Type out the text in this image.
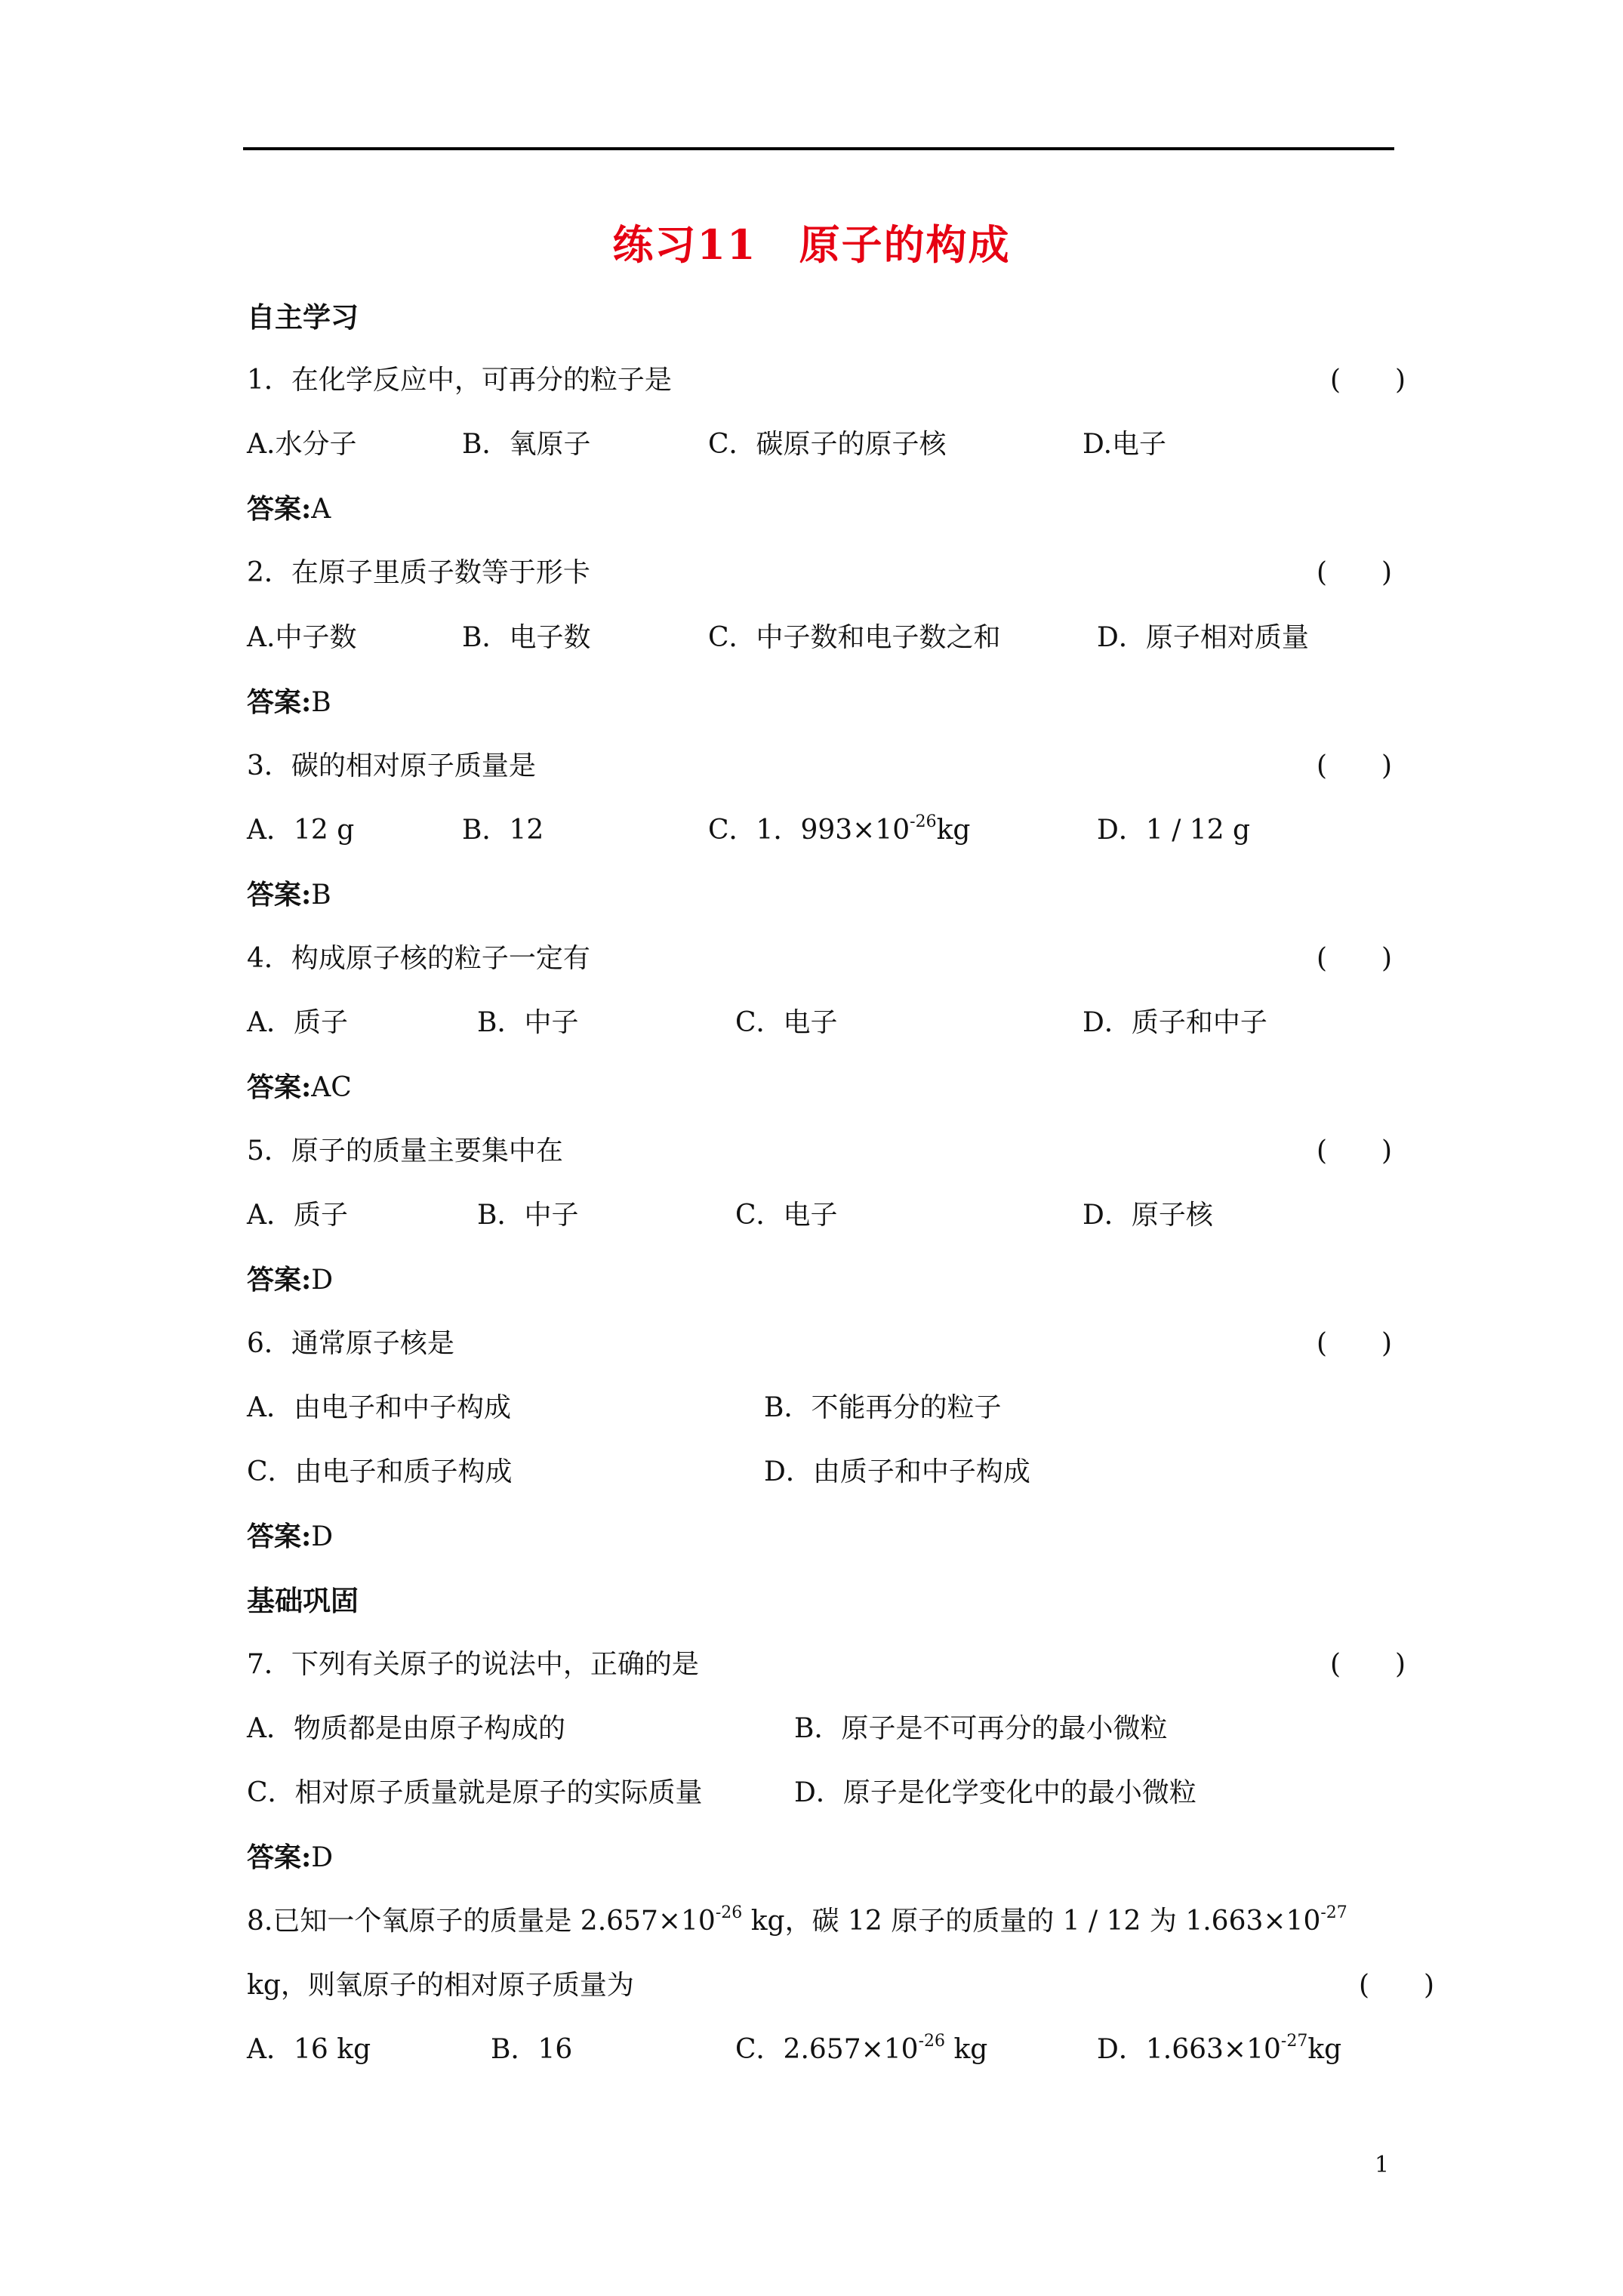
练习11 原子的构成
自主学习
1．在化学反应中，可再分的粒子是	(　　)
A.水分子	B．氧原子	C．碳原子的原子核	D.电子
答案:A
2．在原子里质子数等于形卡	(　　)
A.中子数	B．电子数	C．中子数和电子数之和	D．原子相对质量
答案:B
3．碳的相对原子质量是	(　　)
A．12 g	B．12	C．1．$993\times 10^{-26}kg$	D．1 / 12 g
答案:B
4．构成原子核的粒子一定有	(　　)
A．质子	B．中子	C．电子	D．质子和中子
答案:AC
5．原子的质量主要集中在	(　　)
A．质子	B．中子	C．电子	D．原子核
答案:D
6．通常原子核是	(　　)
A．由电子和中子构成	B．不能再分的粒子
C．由电子和质子构成	D．由质子和中子构成
答案:D
基础巩固
7．下列有关原子的说法中，正确的是	(　　)
A．物质都是由原子构成的	B．原子是不可再分的最小微粒
C．相对原子质量就是原子的实际质量	D．原子是化学变化中的最小微粒
答案:D
8.已知一个氧原子的质量是 $2.657\times 10^{-26}$ kg，碳 12 原子的质量的 1 / 12 为 $1.663\times 10^{-27}$
kg，则氧原子的相对原子质量为	(　　)
A．16 kg	B．16	C．$2.657\times 10^{-26}$ kg	D．$1.663\times 10^{-27}kg$
1
